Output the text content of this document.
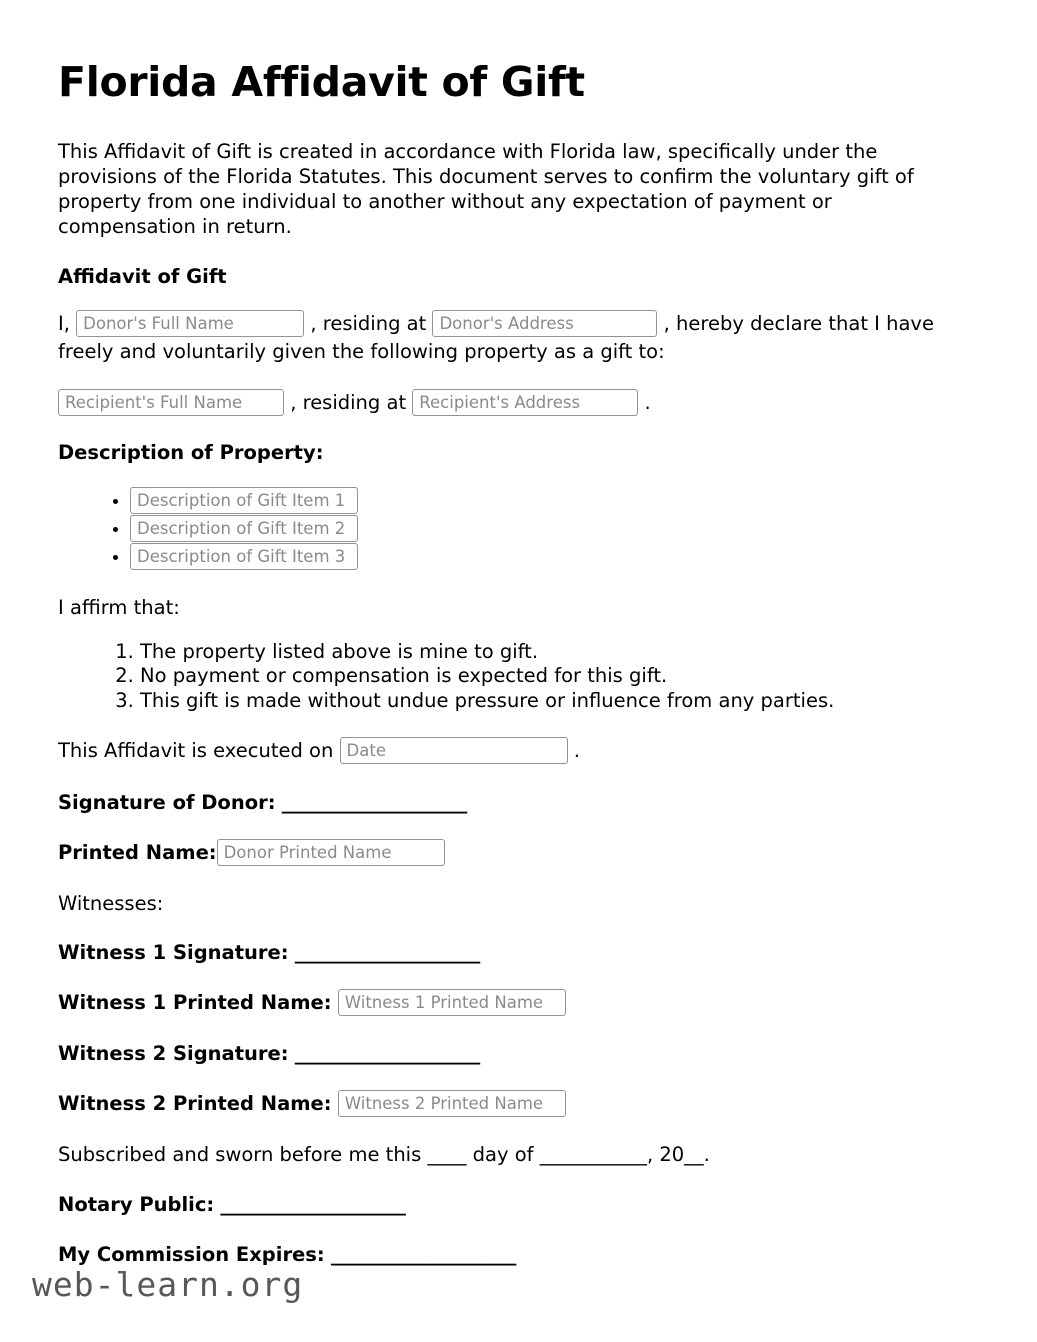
Florida Affidavit of Gift

This Affidavit of Gift is created in accordance with Florida law, specifically under the provisions of the Florida Statutes. This document serves to confirm the voluntary gift of property from one individual to another without any expectation of payment or compensation in return.

Affidavit of Gift
I, Donor's Full Name	, residing at Donor's Address	, hereby declare that I have freely and voluntarily given the following property as a gift to:
Recipient's Full Name , residing at Recipient's Address	.
Description of Property:
• Description of Gift Item 1
• Description of Gift Item 2
• Description of Gift Item 3

I affirm that:

1. The property listed above is mine to gift.
2. No payment or compensation is expected for this gift.
3. This gift is made without undue pressure or influence from any parties.
This Affidavit is executed on Date	.
Signature of Donor: ____________________
Printed Name:Donor Printed Name
Witnesses:
Witness 1 Signature: ____________________
Witness 1 Printed Name: Witness 1 Printed Name
Witness 2 Signature: ____________________
Witness 2 Printed Name: Witness 2 Printed Name
Subscribed and sworn before me this ____ day of ___________, 20__.
Notary Public: ____________________
My Commission Expires: ____________________
web-learn.org
